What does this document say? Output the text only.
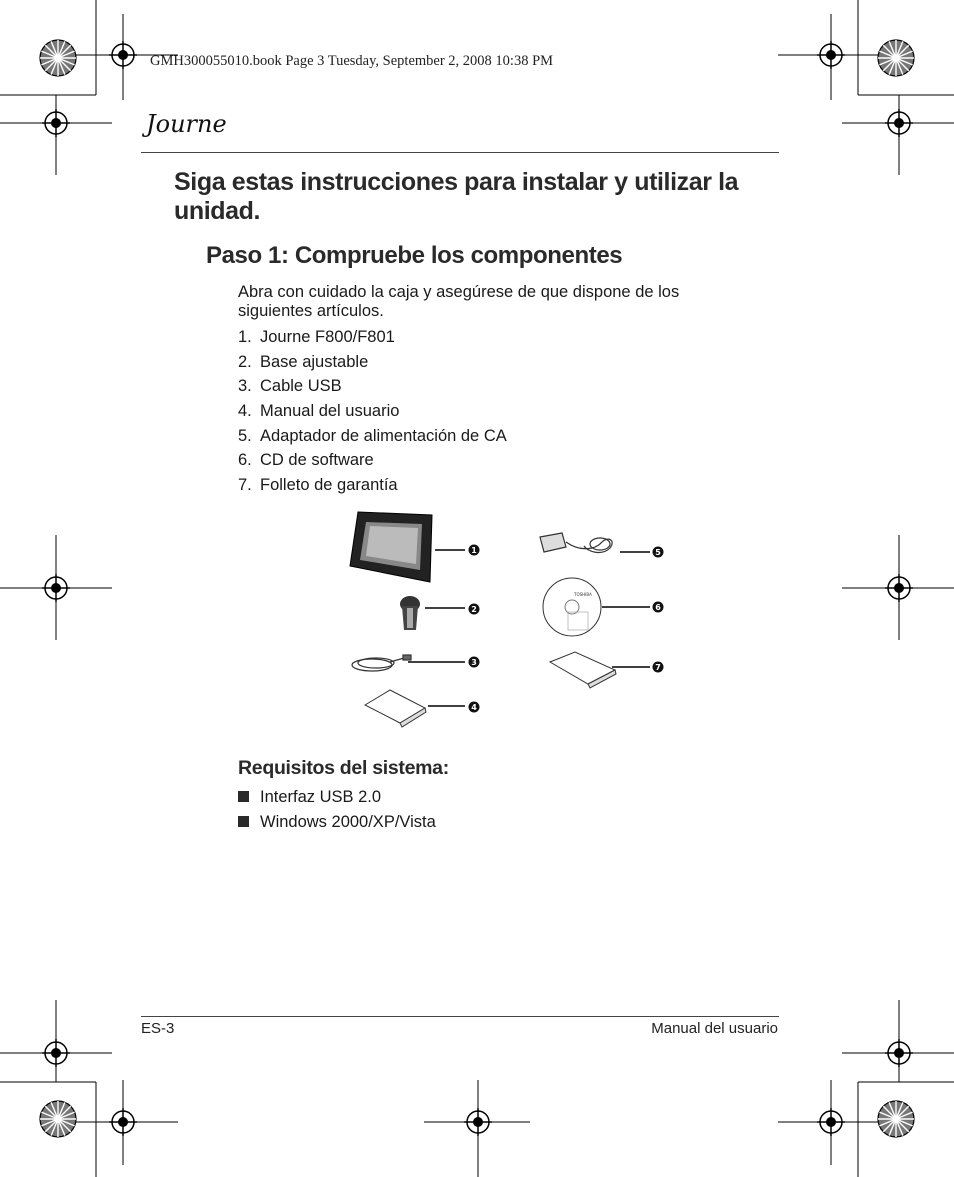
GMH300055010.book Page 3 Tuesday, September 2, 2008 10:38 PM
Journe
Siga estas instrucciones para instalar y utilizar la unidad.
Paso 1: Compruebe los componentes
Abra con cuidado la caja y asegúrese de que dispone de los siguientes artículos.
1. Journe F800/F801
2. Base ajustable
3. Cable USB
4. Manual del usuario
5. Adaptador de alimentación de CA
6. CD de software
7. Folleto de garantía
TOSHIBA
1
2
3
4
5
6
7
Requisitos del sistema:
Interfaz USB 2.0
Windows 2000/XP/Vista
ES-3	Manual del usuario
